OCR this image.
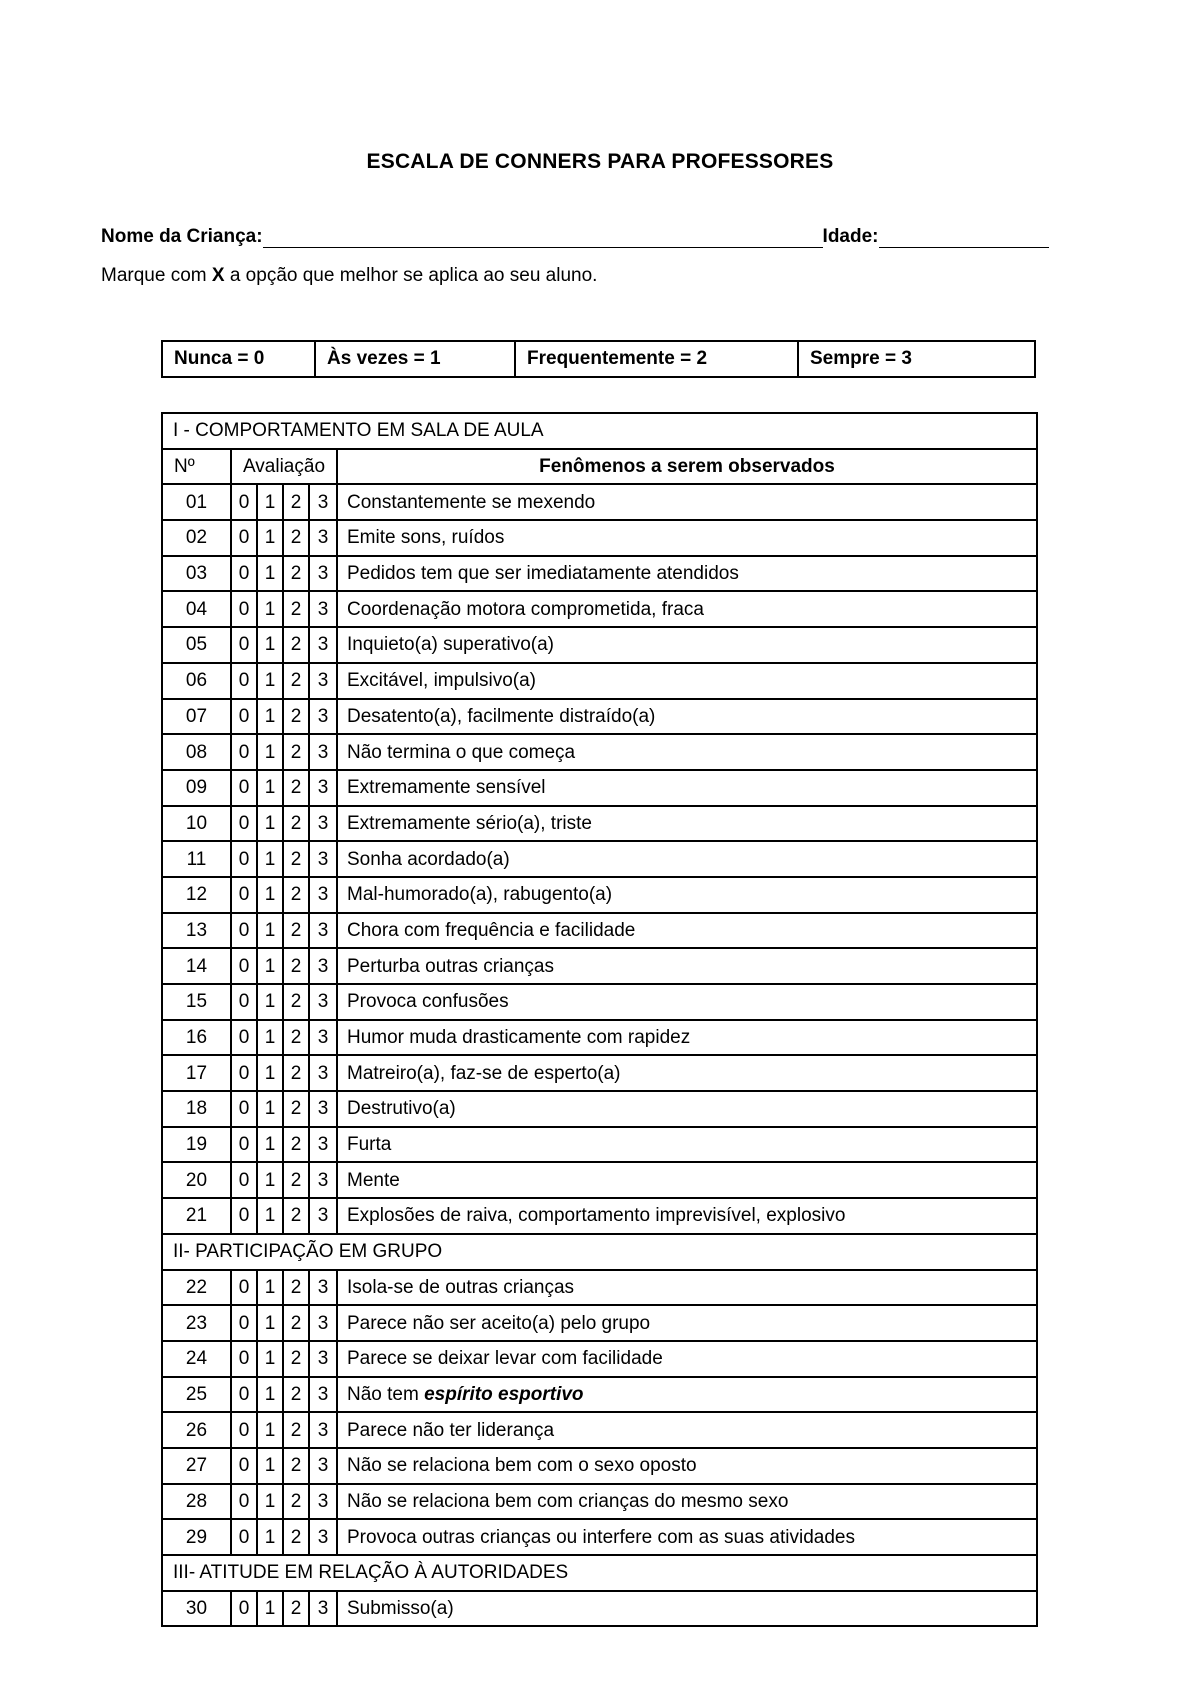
ESCALA DE CONNERS PARA PROFESSORES
Nome da Criança:	Idade:
Marque com X a opção que melhor se aplica ao seu aluno.
Nunca = 0	Às vezes = 1	Frequentemente = 2	Sempre = 3
I - COMPORTAMENTO EM SALA DE AULA					
Nº	Avaliação				Fenômenos a serem observados
01	0	1	2	3	Constantemente se mexendo
02	0	1	2	3	Emite sons, ruídos
03	0	1	2	3	Pedidos tem que ser imediatamente atendidos
04	0	1	2	3	Coordenação motora comprometida, fraca
05	0	1	2	3	Inquieto(a) superativo(a)
06	0	1	2	3	Excitável, impulsivo(a)
07	0	1	2	3	Desatento(a), facilmente distraído(a)
08	0	1	2	3	Não termina o que começa
09	0	1	2	3	Extremamente sensível
10	0	1	2	3	Extremamente sério(a), triste
11	0	1	2	3	Sonha acordado(a)
12	0	1	2	3	Mal-humorado(a), rabugento(a)
13	0	1	2	3	Chora com frequência e facilidade
14	0	1	2	3	Perturba outras crianças
15	0	1	2	3	Provoca confusões
16	0	1	2	3	Humor muda drasticamente com rapidez
17	0	1	2	3	Matreiro(a), faz-se de esperto(a)
18	0	1	2	3	Destrutivo(a)
19	0	1	2	3	Furta
20	0	1	2	3	Mente
21	0	1	2	3	Explosões de raiva, comportamento imprevisível, explosivo
II- PARTICIPAÇÃO EM GRUPO					
22	0	1	2	3	Isola-se de outras crianças
23	0	1	2	3	Parece não ser aceito(a) pelo grupo
24	0	1	2	3	Parece se deixar levar com facilidade
25	0	1	2	3	Não tem espírito esportivo
26	0	1	2	3	Parece não ter liderança
27	0	1	2	3	Não se relaciona bem com o sexo oposto
28	0	1	2	3	Não se relaciona bem com crianças do mesmo sexo
29	0	1	2	3	Provoca outras crianças ou interfere com as suas atividades
III- ATITUDE EM RELAÇÃO À AUTORIDADES					
30	0	1	2	3	Submisso(a)
